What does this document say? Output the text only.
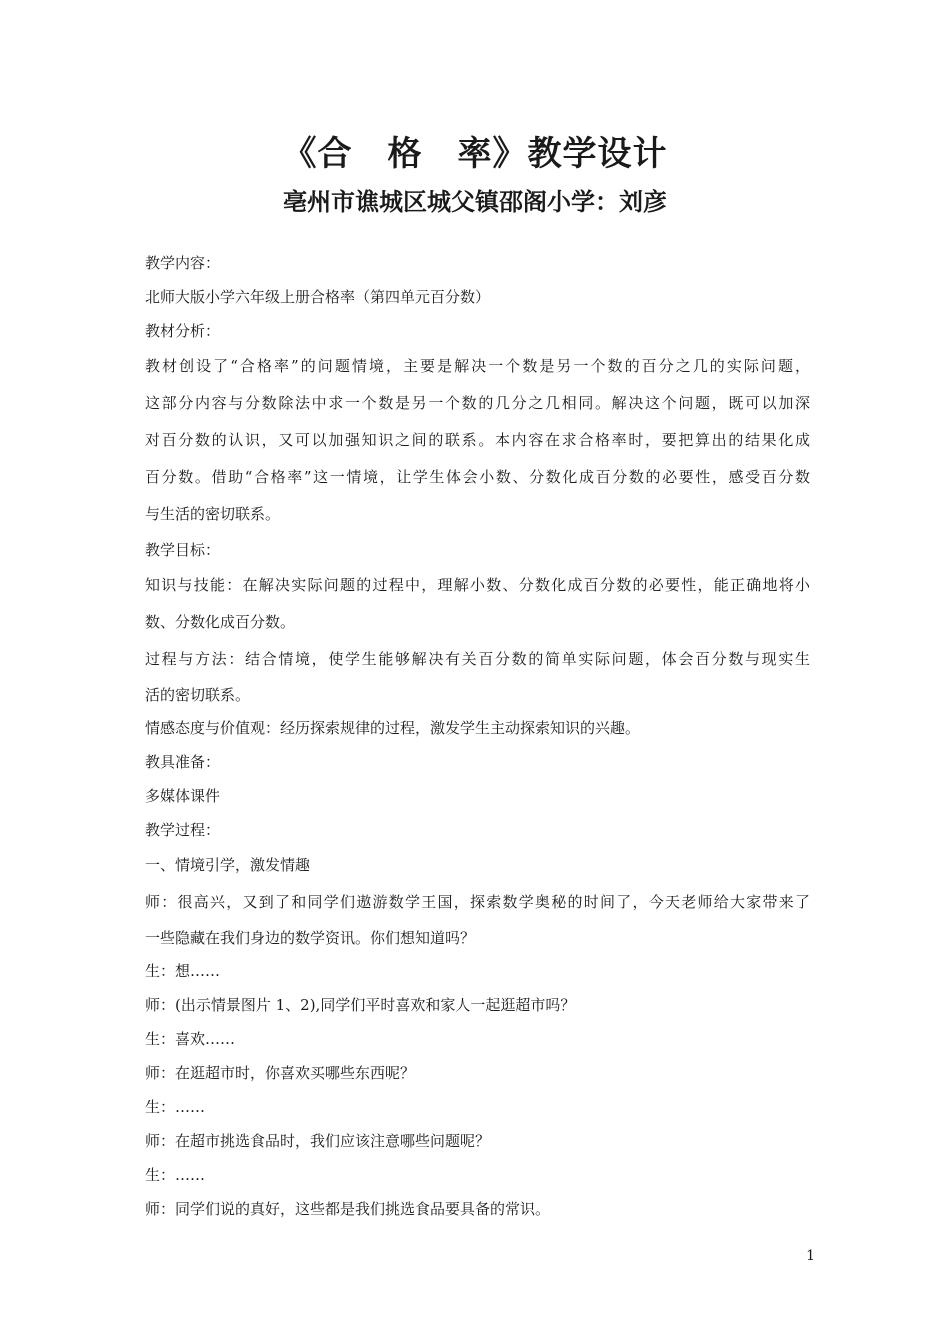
《合　格　率》教学设计
亳州市谯城区城父镇邵阁小学：刘彦
教学内容：
北师大版小学六年级上册合格率（第四单元百分数）
教材分析：
教材创设了“合格率”的问题情境，主要是解决一个数是另一个数的百分之几的实际问题，
这部分内容与分数除法中求一个数是另一个数的几分之几相同。解决这个问题，既可以加深
对百分数的认识，又可以加强知识之间的联系。本内容在求合格率时，要把算出的结果化成
百分数。借助“合格率”这一情境，让学生体会小数、分数化成百分数的必要性，感受百分数
与生活的密切联系。
教学目标：
知识与技能：在解决实际问题的过程中，理解小数、分数化成百分数的必要性，能正确地将小
数、分数化成百分数。
过程与方法：结合情境，使学生能够解决有关百分数的简单实际问题，体会百分数与现实生
活的密切联系。
情感态度与价值观：经历探索规律的过程，激发学生主动探索知识的兴趣。
教具准备：
多媒体课件
教学过程：
一、情境引学，激发情趣
师：很高兴，又到了和同学们遨游数学王国，探索数学奥秘的时间了，今天老师给大家带来了
一些隐藏在我们身边的数学资讯。你们想知道吗？
生：想……
师：(出示情景图片 1、2),同学们平时喜欢和家人一起逛超市吗？
生：喜欢……
师：在逛超市时，你喜欢买哪些东西呢？
生：……
师：在超市挑选食品时，我们应该注意哪些问题呢？
生：……
师：同学们说的真好，这些都是我们挑选食品要具备的常识。

1
